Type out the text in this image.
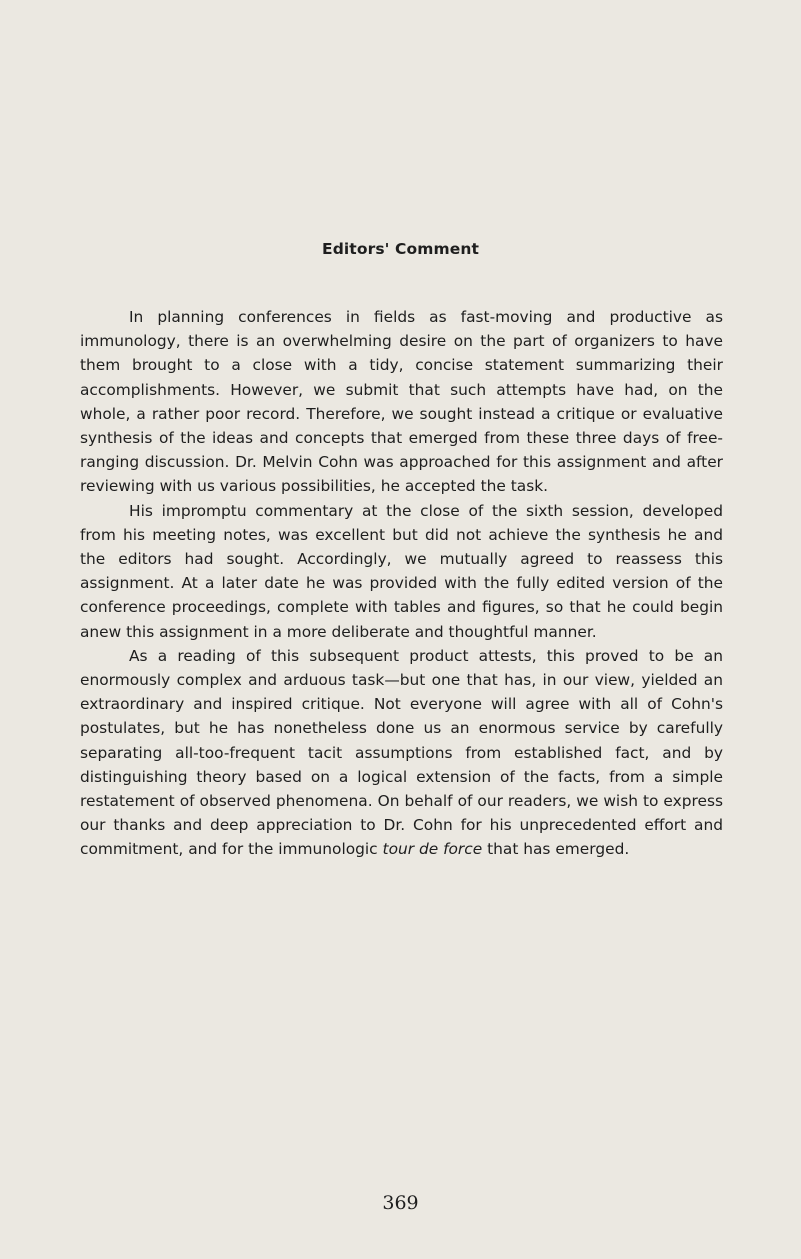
Editors' Comment

In planning conferences in fields as fast-moving and productive as immunology, there is an overwhelming desire on the part of organizers to have them brought to a close with a tidy, concise statement summarizing their accomplishments. However, we submit that such attempts have had, on the whole, a rather poor record. Therefore, we sought instead a critique or evaluative synthesis of the ideas and concepts that emerged from these three days of free-ranging discussion. Dr. Melvin Cohn was approached for this assignment and after reviewing with us various possibilities, he accepted the task.

His impromptu commentary at the close of the sixth session, developed from his meeting notes, was excellent but did not achieve the synthesis he and the editors had sought. Accordingly, we mutually agreed to reassess this assignment. At a later date he was provided with the fully edited version of the conference proceedings, complete with tables and figures, so that he could begin anew this assignment in a more deliberate and thoughtful manner.

As a reading of this subsequent product attests, this proved to be an enormously complex and arduous task—but one that has, in our view, yielded an extraordinary and inspired critique. Not everyone will agree with all of Cohn's postulates, but he has nonetheless done us an enormous service by carefully separating all-too-frequent tacit assumptions from established fact, and by distinguishing theory based on a logical extension of the facts, from a simple restatement of observed phenomena. On behalf of our readers, we wish to express our thanks and deep appreciation to Dr. Cohn for his unprecedented effort and commitment, and for the immunologic tour de force that has emerged.

369
